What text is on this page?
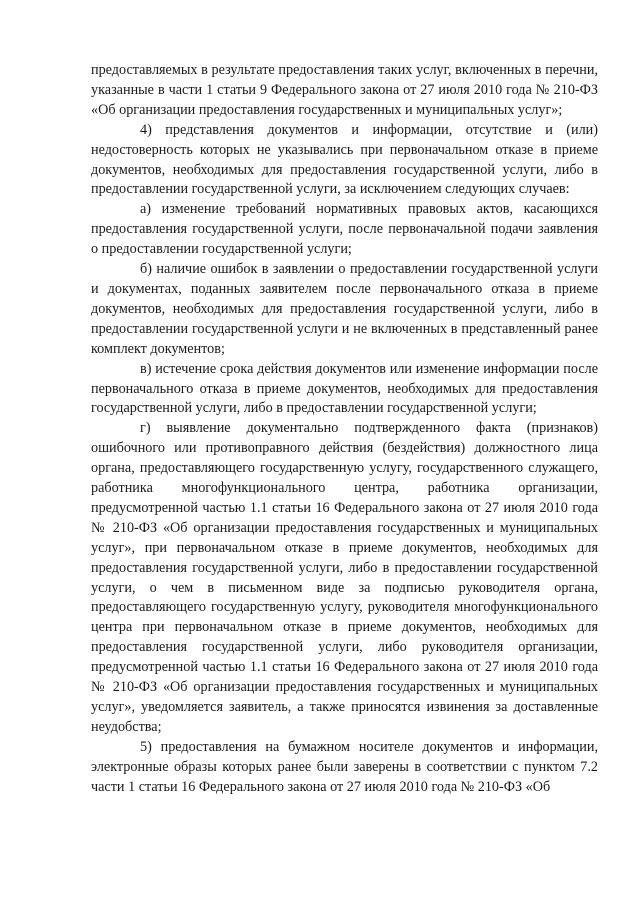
предоставляемых в результате предоставления таких услуг, включенных в перечни, указанные в части 1 статьи 9 Федерального закона от 27 июля 2010 года № 210-ФЗ «Об организации предоставления государственных и муниципальных услуг»;

4) представления документов и информации, отсутствие и (или) недостоверность которых не указывались при первоначальном отказе в приеме документов, необходимых для предоставления государственной услуги, либо в предоставлении государственной услуги, за исключением следующих случаев:

а) изменение требований нормативных правовых актов, касающихся предоставления государственной услуги, после первоначальной подачи заявления о предоставлении государственной услуги;

б) наличие ошибок в заявлении о предоставлении государственной услуги и документах, поданных заявителем после первоначального отказа в приеме документов, необходимых для предоставления государственной услуги, либо в предоставлении государственной услуги и не включенных в представленный ранее комплект документов;

в) истечение срока действия документов или изменение информации после первоначального отказа в приеме документов, необходимых для предоставления государственной услуги, либо в предоставлении государственной услуги;

г) выявление документально подтвержденного факта (признаков) ошибочного или противоправного действия (бездействия) должностного лица органа, предоставляющего государственную услугу, государственного служащего, работника многофункционального центра, работника организации, предусмотренной частью 1.1 статьи 16 Федерального закона от 27 июля 2010 года № 210-ФЗ «Об организации предоставления государственных и муниципальных услуг», при первоначальном отказе в приеме документов, необходимых для предоставления государственной услуги, либо в предоставлении государственной услуги, о чем в письменном виде за подписью руководителя органа, предоставляющего государственную услугу, руководителя многофункционального центра при первоначальном отказе в приеме документов, необходимых для предоставления государственной услуги, либо руководителя организации, предусмотренной частью 1.1 статьи 16 Федерального закона от 27 июля 2010 года № 210-ФЗ «Об организации предоставления государственных и муниципальных услуг», уведомляется заявитель, а также приносятся извинения за доставленные неудобства;

5) предоставления на бумажном носителе документов и информации, электронные образы которых ранее были заверены в соответствии с пунктом 7.2 части 1 статьи 16 Федерального закона от 27 июля 2010 года № 210-ФЗ «Об
